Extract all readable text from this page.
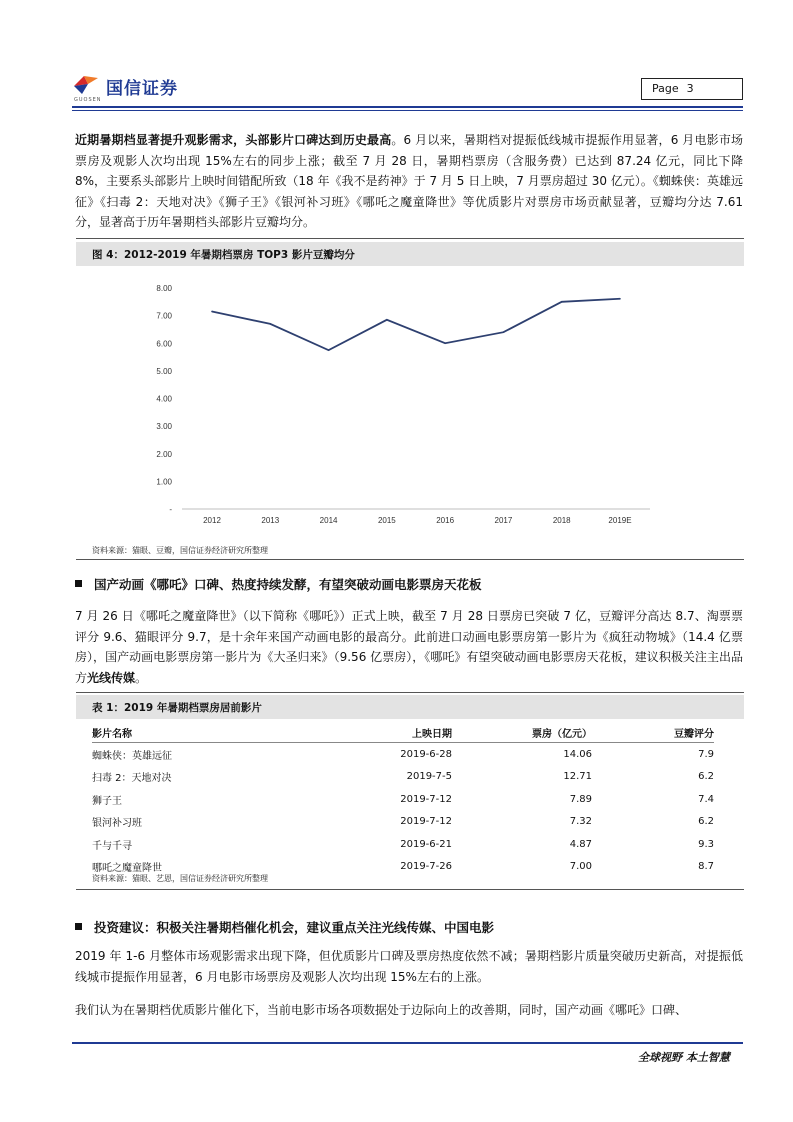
国信证券
GUOSEN
Page 3
近期暑期档显著提升观影需求，头部影片口碑达到历史最高。6 月以来，暑期档对提振低线城市提振作用显著，6 月电影市场票房及观影人次均出现 15%左右的同步上涨；截至 7 月 28 日，暑期档票房（含服务费）已达到 87.24 亿元，同比下降 8%，主要系头部影片上映时间错配所致（18 年《我不是药神》于 7 月 5 日上映，7 月票房超过 30 亿元）。《蜘蛛侠：英雄远征》《扫毒 2：天地对决》《狮子王》《银河补习班》《哪吒之魔童降世》等优质影片对票房市场贡献显著，豆瓣均分达 7.61 分，显著高于历年暑期档头部影片豆瓣均分。
图 4：2012-2019 年暑期档票房 TOP3 影片豆瓣均分
8.00
7.00
6.00
5.00
4.00
3.00
2.00
1.00
-
2012	2013	2014	2015	2016	2017	2018	2019E
资料来源：猫眼、豆瓣，国信证券经济研究所整理
国产动画《哪吒》口碑、热度持续发酵，有望突破动画电影票房天花板
7 月 26 日《哪吒之魔童降世》（以下简称《哪吒》）正式上映，截至 7 月 28 日票房已突破 7 亿，豆瓣评分高达 8.7、淘票票评分 9.6、猫眼评分 9.7，是十余年来国产动画电影的最高分。此前进口动画电影票房第一影片为《疯狂动物城》（14.4 亿票房），国产动画电影票房第一影片为《大圣归来》（9.56 亿票房），《哪吒》有望突破动画电影票房天花板，建议积极关注主出品方光线传媒。
表 1：2019 年暑期档票房居前影片
影片名称	上映日期	票房（亿元）	豆瓣评分
蜘蛛侠：英雄远征	2019-6-28	14.06	7.9
扫毒 2：天地对决	2019-7-5	12.71	6.2
狮子王	2019-7-12	7.89	7.4
银河补习班	2019-7-12	7.32	6.2
千与千寻	2019-6-21	4.87	9.3
哪吒之魔童降世	2019-7-26	7.00	8.7
资料来源：猫眼、艺恩，国信证券经济研究所整理
投资建议：积极关注暑期档催化机会，建议重点关注光线传媒、中国电影
2019 年 1-6 月整体市场观影需求出现下降，但优质影片口碑及票房热度依然不减；暑期档影片质量突破历史新高，对提振低线城市提振作用显著，6 月电影市场票房及观影人次均出现 15%左右的上涨。
我们认为在暑期档优质影片催化下，当前电影市场各项数据处于边际向上的改善期，同时，国产动画《哪吒》口碑、
全球视野 本土智慧
